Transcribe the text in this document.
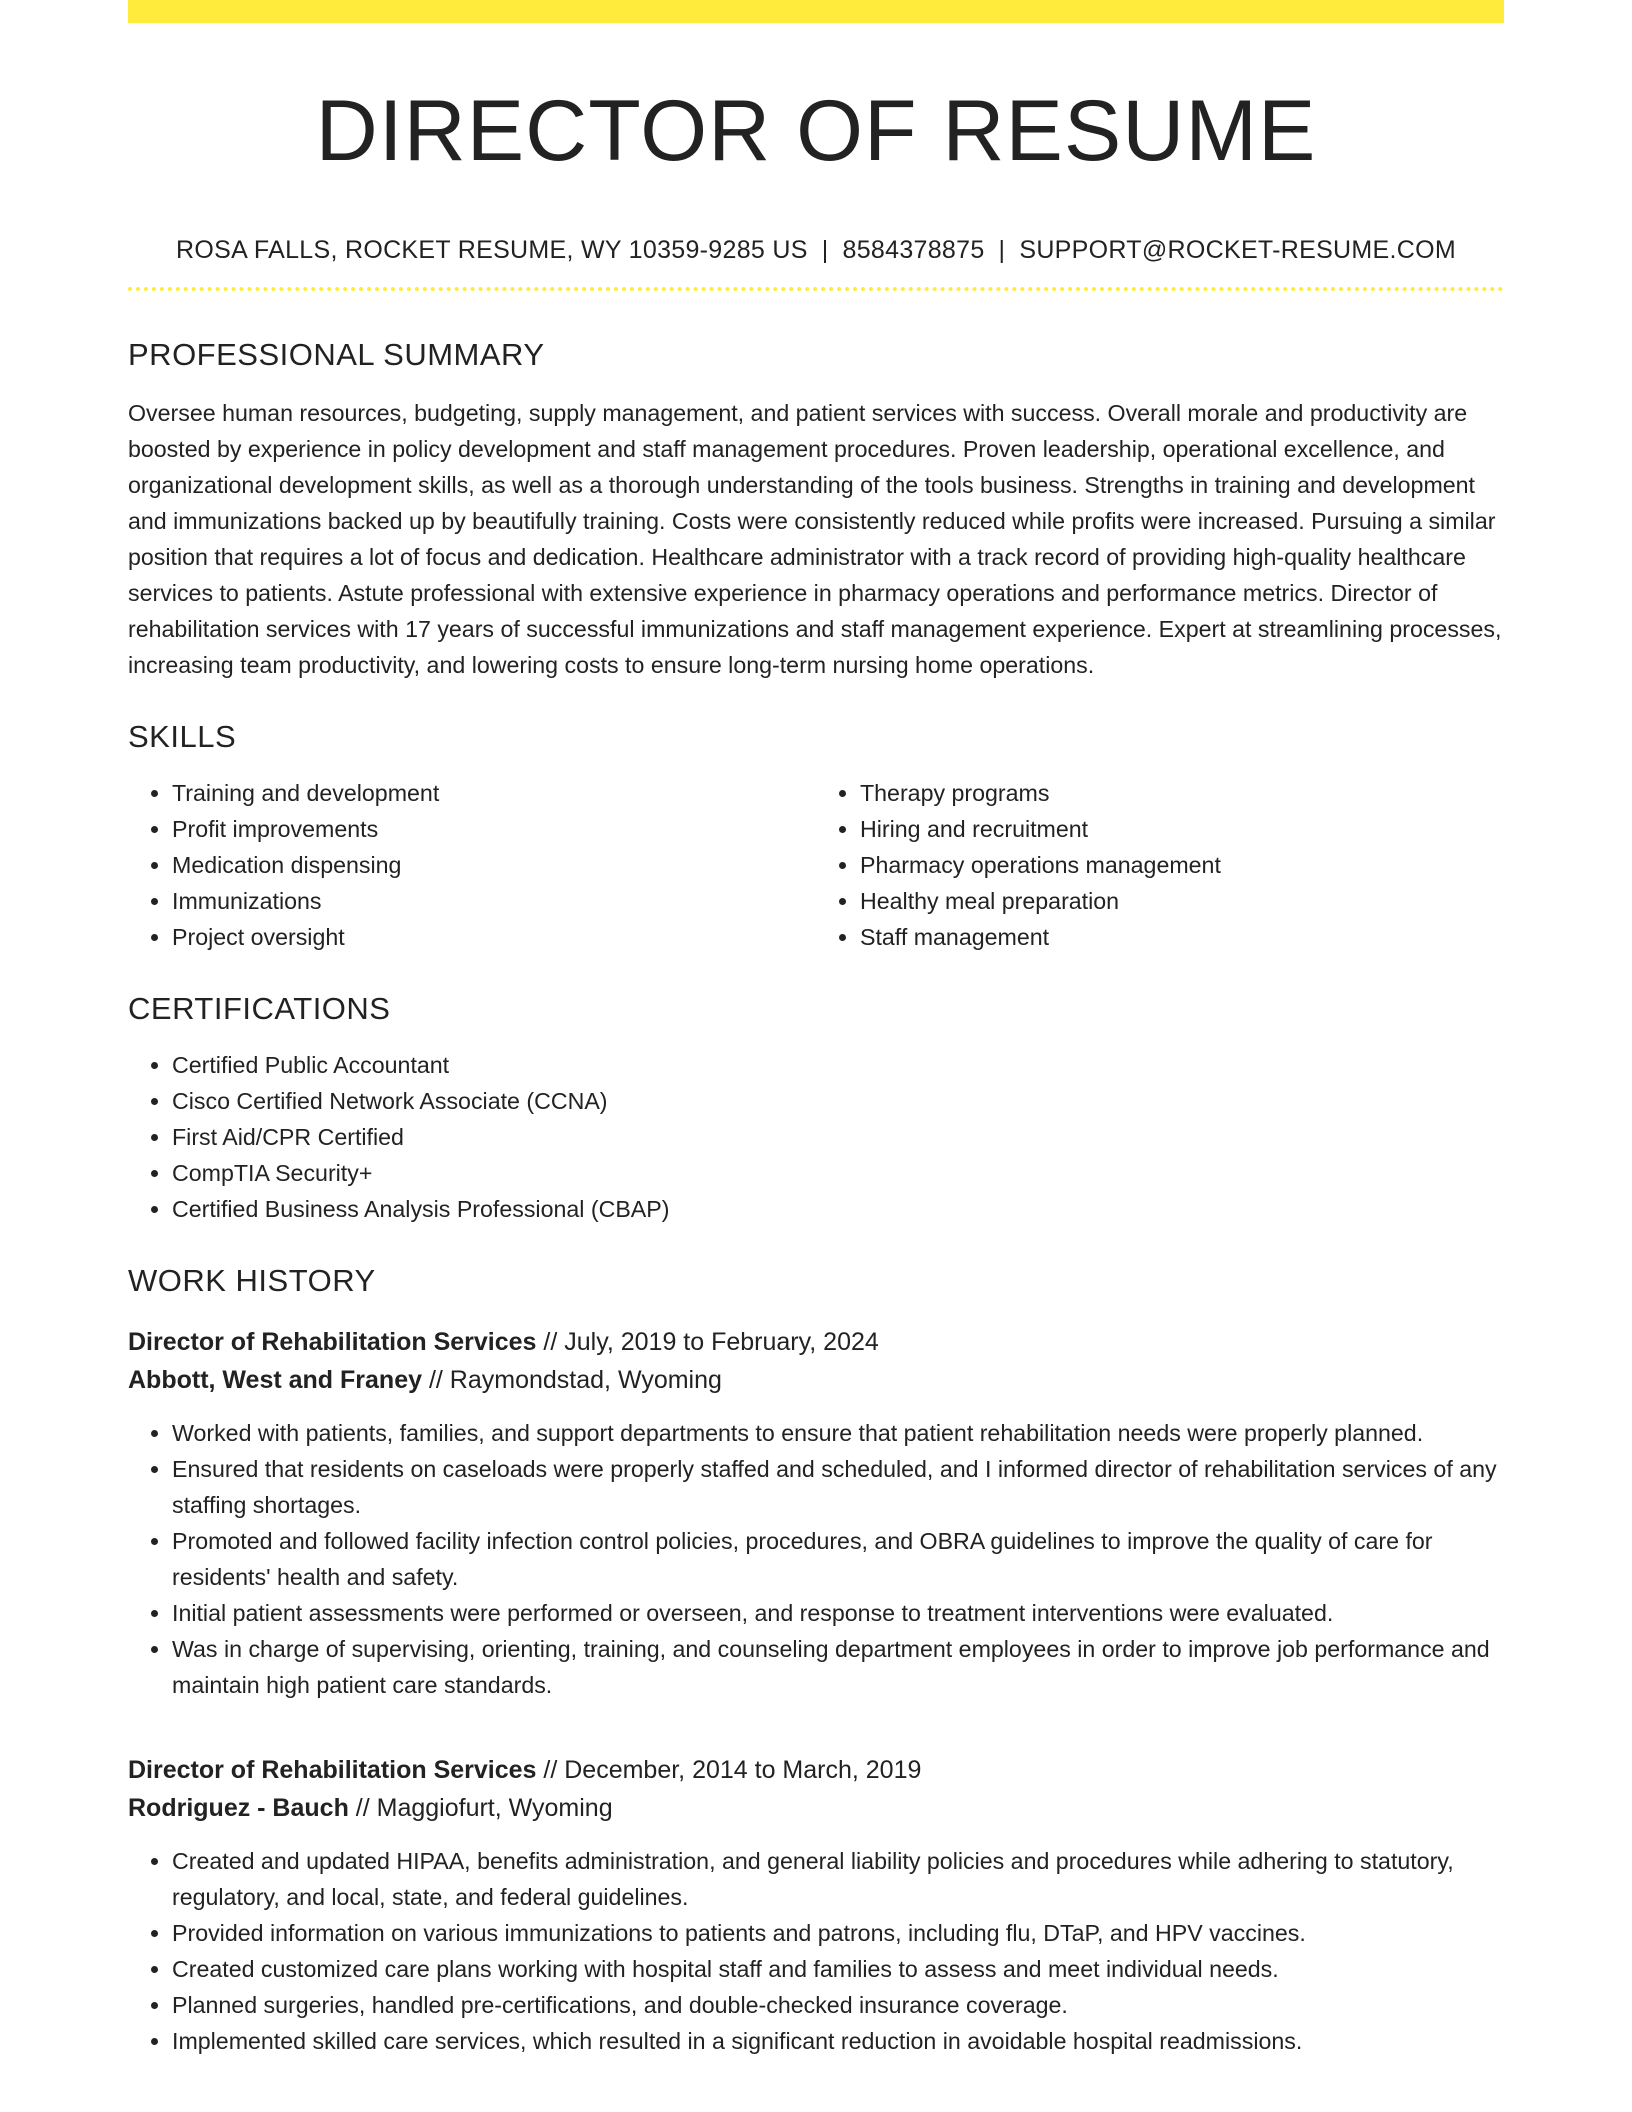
DIRECTOR OF RESUME
ROSA FALLS, ROCKET RESUME, WY 10359-9285 US | 8584378875 | SUPPORT@ROCKET-RESUME.COM
PROFESSIONAL SUMMARY
Oversee human resources, budgeting, supply management, and patient services with success. Overall morale and productivity are boosted by experience in policy development and staff management procedures. Proven leadership, operational excellence, and organizational development skills, as well as a thorough understanding of the tools business. Strengths in training and development and immunizations backed up by beautifully training. Costs were consistently reduced while profits were increased. Pursuing a similar position that requires a lot of focus and dedication. Healthcare administrator with a track record of providing high-quality healthcare services to patients. Astute professional with extensive experience in pharmacy operations and performance metrics. Director of rehabilitation services with 17 years of successful immunizations and staff management experience. Expert at streamlining processes, increasing team productivity, and lowering costs to ensure long-term nursing home operations.
SKILLS
• Training and development
• Profit improvements
• Medication dispensing
• Immunizations
• Project oversight
• Therapy programs
• Hiring and recruitment
• Pharmacy operations management
• Healthy meal preparation
• Staff management
CERTIFICATIONS
• Certified Public Accountant
• Cisco Certified Network Associate (CCNA)
• First Aid/CPR Certified
• CompTIA Security+
• Certified Business Analysis Professional (CBAP)
WORK HISTORY
Director of Rehabilitation Services // July, 2019 to February, 2024
Abbott, West and Franey // Raymondstad, Wyoming
• Worked with patients, families, and support departments to ensure that patient rehabilitation needs were properly planned.
• Ensured that residents on caseloads were properly staffed and scheduled, and I informed director of rehabilitation services of any staffing shortages.
• Promoted and followed facility infection control policies, procedures, and OBRA guidelines to improve the quality of care for residents' health and safety.
• Initial patient assessments were performed or overseen, and response to treatment interventions were evaluated.
• Was in charge of supervising, orienting, training, and counseling department employees in order to improve job performance and maintain high patient care standards.
Director of Rehabilitation Services // December, 2014 to March, 2019
Rodriguez - Bauch // Maggiofurt, Wyoming
• Created and updated HIPAA, benefits administration, and general liability policies and procedures while adhering to statutory, regulatory, and local, state, and federal guidelines.
• Provided information on various immunizations to patients and patrons, including flu, DTaP, and HPV vaccines.
• Created customized care plans working with hospital staff and families to assess and meet individual needs.
• Planned surgeries, handled pre-certifications, and double-checked insurance coverage.
• Implemented skilled care services, which resulted in a significant reduction in avoidable hospital readmissions.
